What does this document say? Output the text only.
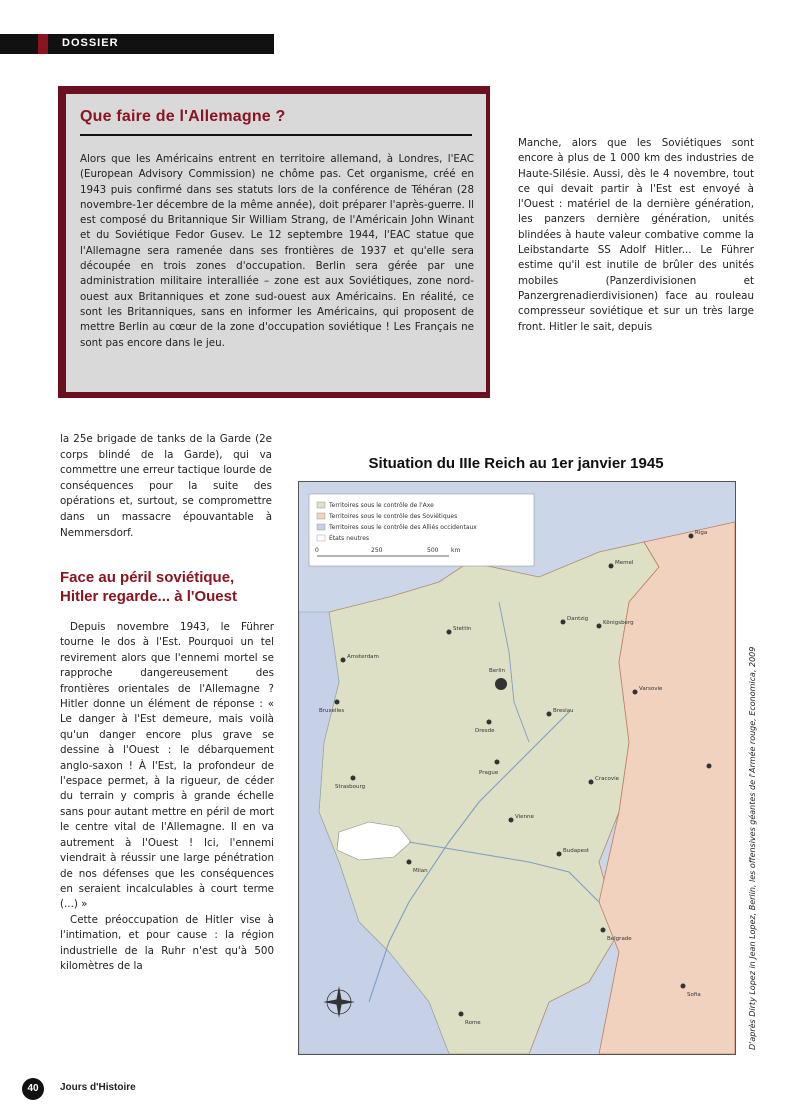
DOSSIER
Que faire de l'Allemagne ?
Alors que les Américains entrent en territoire allemand, à Londres, l'EAC (European Advisory Commission) ne chôme pas. Cet organisme, créé en 1943 puis confirmé dans ses statuts lors de la conférence de Téhéran (28 novembre-1er décembre de la même année), doit préparer l'après-guerre. Il est composé du Britannique Sir William Strang, de l'Américain John Winant et du Soviétique Fedor Gusev. Le 12 septembre 1944, l'EAC statue que l'Allemagne sera ramenée dans ses frontières de 1937 et qu'elle sera découpée en trois zones d'occupation. Berlin sera gérée par une administration militaire interalliée – zone est aux Soviétiques, zone nord-ouest aux Britanniques et zone sud-ouest aux Américains. En réalité, ce sont les Britanniques, sans en informer les Américains, qui proposent de mettre Berlin au cœur de la zone d'occupation soviétique ! Les Français ne sont pas encore dans le jeu.
Manche, alors que les Soviétiques sont encore à plus de 1 000 km des industries de Haute-Silésie. Aussi, dès le 4 novembre, tout ce qui devait partir à l'Est est envoyé à l'Ouest : matériel de la dernière génération, les panzers dernière génération, unités blindées à haute valeur combative comme la Leibstandarte SS Adolf Hitler... Le Führer estime qu'il est inutile de brûler des unités mobiles (Panzerdivisionen et Panzergrenadierdivisionen) face au rouleau compresseur soviétique et sur un très large front. Hitler le sait, depuis
la 25e brigade de tanks de la Garde (2e corps blindé de la Garde), qui va commettre une erreur tactique lourde de conséquences pour la suite des opérations et, surtout, se compromettre dans un massacre épouvantable à Nemmersdorf.
Face au péril soviétique, Hitler regarde... à l'Ouest

Depuis novembre 1943, le Führer tourne le dos à l'Est. Pourquoi un tel revirement alors que l'ennemi mortel se rapproche dangereusement des frontières orientales de l'Allemagne ? Hitler donne un élément de réponse : « Le danger à l'Est demeure, mais voilà qu'un danger encore plus grave se dessine à l'Ouest : le débarquement anglo-saxon ! À l'Est, la profondeur de l'espace permet, à la rigueur, de céder du terrain y compris à grande échelle sans pour autant mettre en péril de mort le centre vital de l'Allemagne. Il en va autrement à l'Ouest ! Ici, l'ennemi viendrait à réussir une large pénétration de nos défenses que les conséquences en seraient incalculables à court terme (...) »

Cette préoccupation de Hitler vise à l'intimation, et pour cause : la région industrielle de la Ruhr n'est qu'à 500 kilomètres de la

Situation du IIIe Reich au 1er janvier 1945
Territoires sous le contrôle de l'Axe
Territoires sous le contrôle des Soviétiques
Territoires sous le contrôle des Alliés occidentaux
États neutres
0	250	500 km
Riga
Memel
Dantzig
Königsberg
Stettin
Berlin
Varsovie
Amsterdam
Bruxelles
Dresde
Breslau
Cracovie
Prague
Strasbourg
Vienne
Budapest
Milan
Belgrade
Sofia
Rome	D'après Dirty Lopez in Jean Lopez, Berlin, les offensives géantes de l'Armée rouge, Economica, 2009
40	Jours d'Histoire
